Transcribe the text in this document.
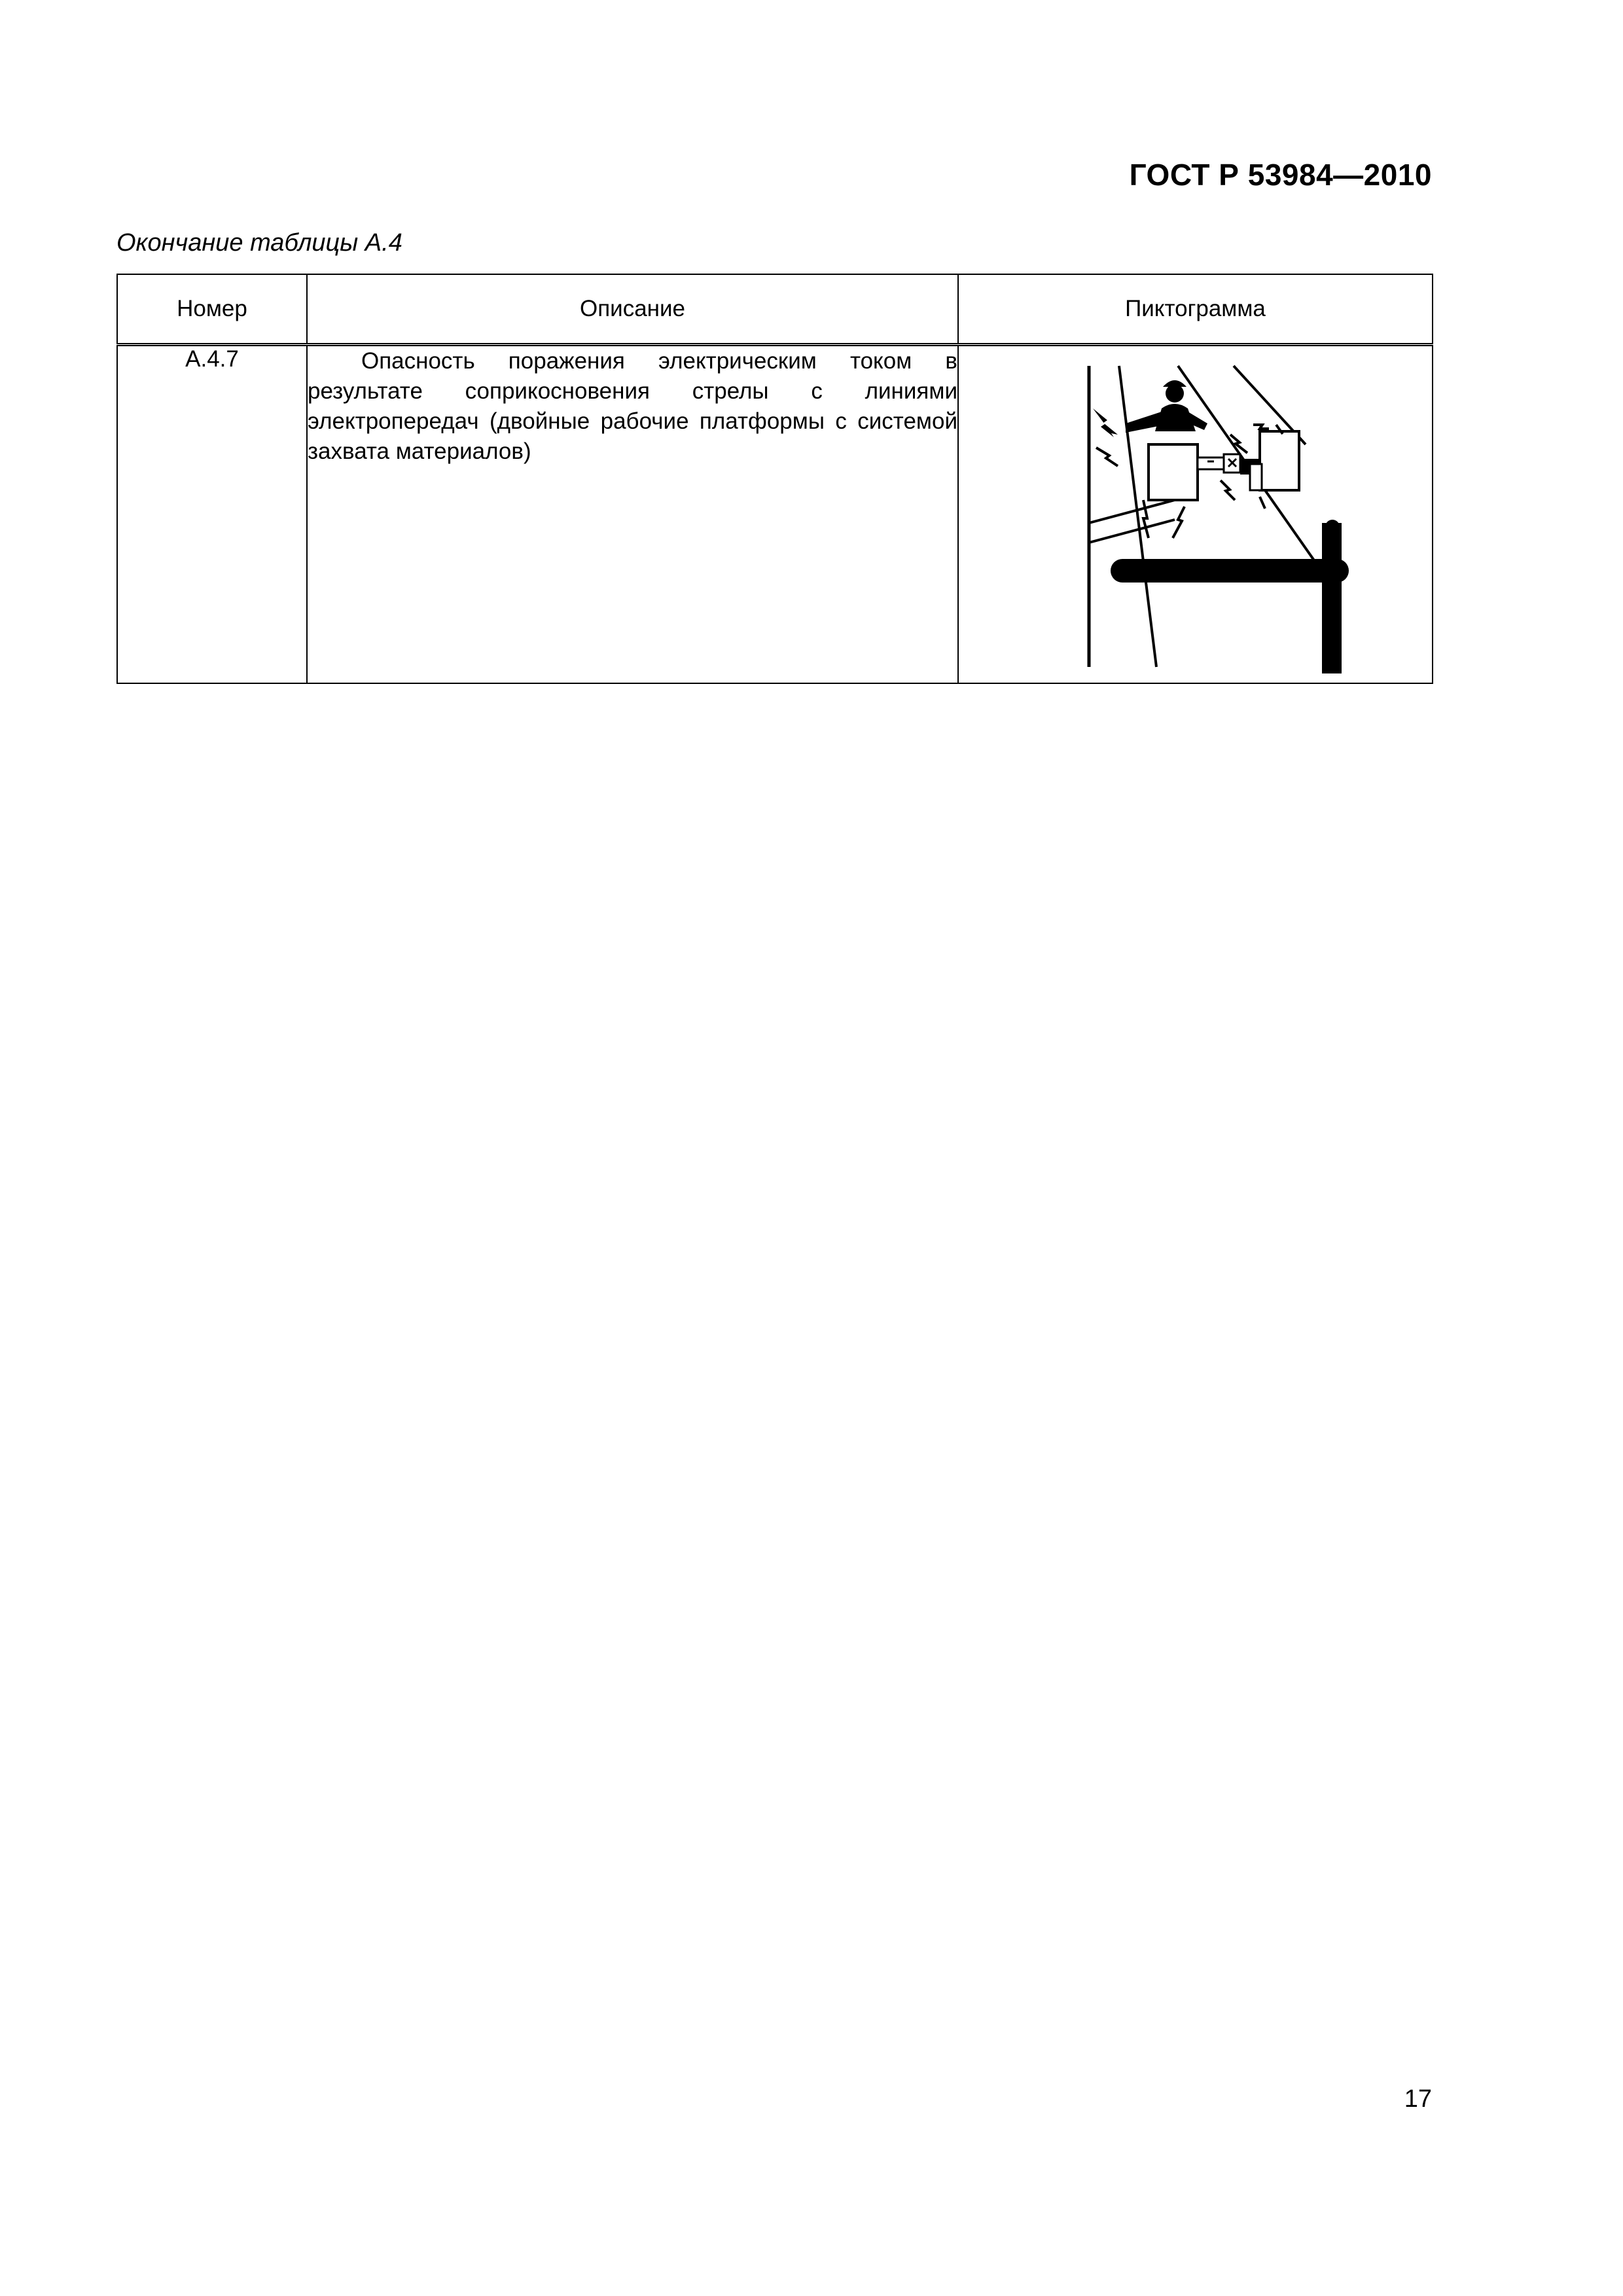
ГОСТ Р 53984—2010
Окончание таблицы А.4
Номер	Описание	Пиктограмма
А.4.7	Опасность поражения электрическим током в результате соприкосновения стрелы с линиями электропередач (двойные рабочие платформы с системой захвата материалов)	
17
